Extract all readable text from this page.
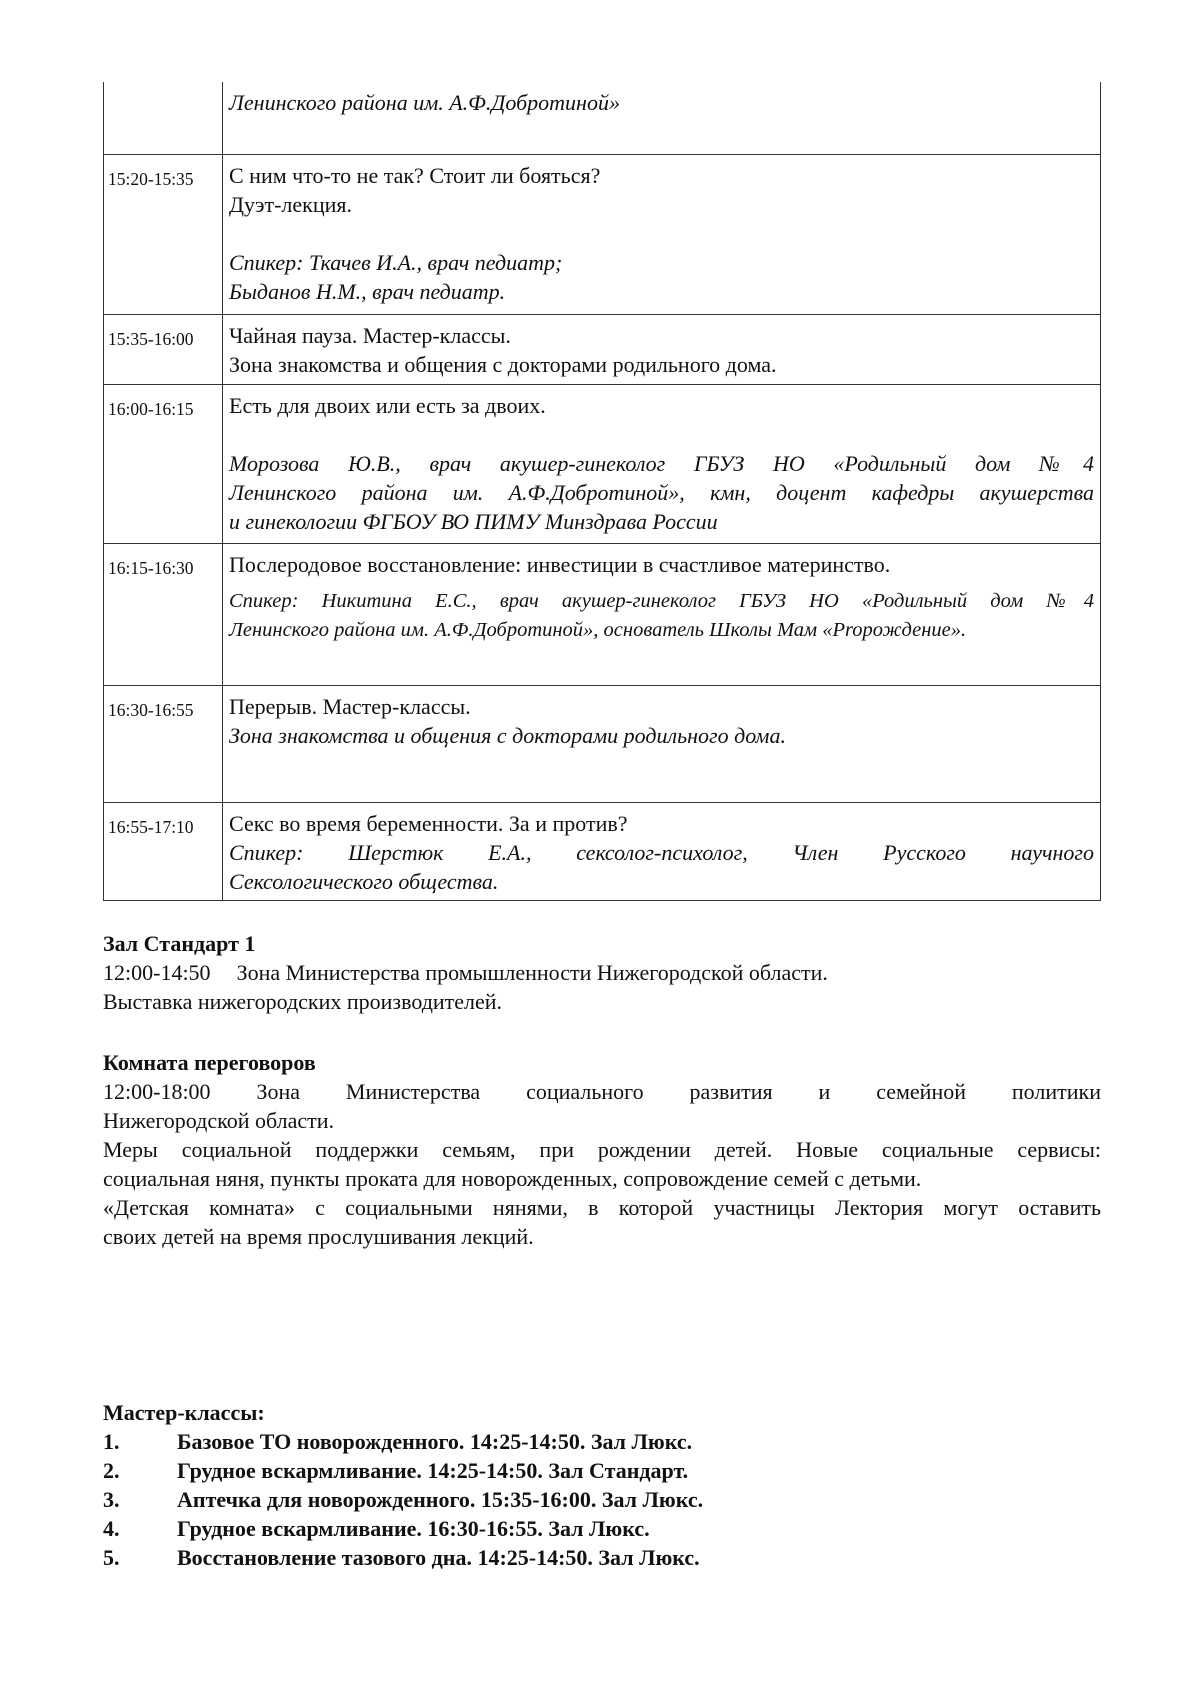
	Ленинского района им. А.Ф.Добротиной»

15:20-15:35	С ним что-то не так? Стоит ли бояться?
Дуэт-лекция.
Спикер: Ткачев И.А., врач педиатр;
Быданов Н.М., врач педиатр.

15:35-16:00	Чайная пауза. Мастер-классы.
Зона знакомства и общения с докторами родильного дома.

16:00-16:15	Есть для двоих или есть за двоих.
Морозова Ю.В., врач акушер-гинеколог ГБУЗ НО «Родильный дом №4
Ленинского района им. А.Ф.Добротиной», кмн, доцент кафедры акушерства
и гинекологии ФГБОУ ВО ПИМУ Минздрава России

16:15-16:30	Послеродовое восстановление: инвестиции в счастливое материнство.
Спикер: Никитина Е.С., врач акушер-гинеколог ГБУЗ НО «Родильный дом №4
Ленинского района им. А.Ф.Добротиной», основатель Школы Мам «Proрождение».

16:30-16:55	Перерыв. Мастер-классы.
Зона знакомства и общения с докторами родильного дома.

16:55-17:10	Секс во время беременности. За и против?
Спикер: Шерстюк Е.А., сексолог-психолог, Член Русского научного
Сексологического общества.
Зал Стандарт 1
12:00-14:50 Зона Министерства промышленности Нижегородской области.
Выставка нижегородских производителей.
Комната переговоров
12:00-18:00 Зона Министерства социального развития и семейной политики
Нижегородской области.
Меры социальной поддержки семьям, при рождении детей. Новые социальные сервисы:
социальная няня, пункты проката для новорожденных, сопровождение семей с детьми.
«Детская комната» с социальными нянями, в которой участницы Лектория могут оставить
своих детей на время прослушивания лекций.
Мастер-классы:
1.	Базовое ТО новорожденного. 14:25-14:50. Зал Люкс.
2.	Грудное вскармливание. 14:25-14:50. Зал Стандарт.
3.	Аптечка для новорожденного. 15:35-16:00. Зал Люкс.
4.	Грудное вскармливание. 16:30-16:55. Зал Люкс.
5.	Восстановление тазового дна. 14:25-14:50. Зал Люкс.
